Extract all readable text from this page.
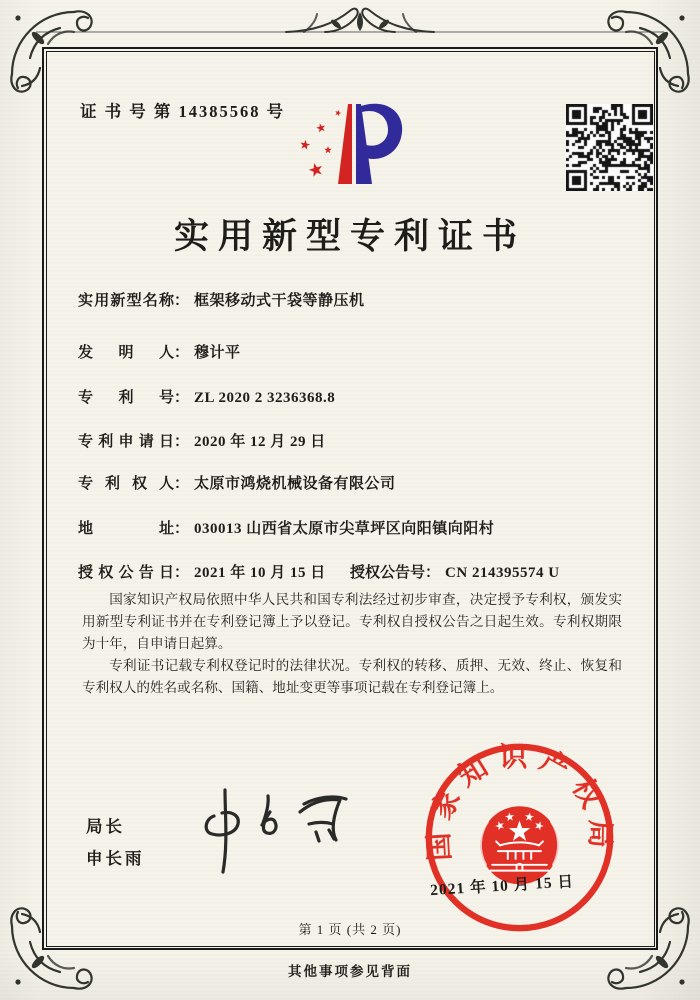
证 书 号 第 14385568 号
实用新型专利证书
实用新型名称： 框架移动式干袋等静压机
发明人： 穆计平
专利号： ZL 2020 2 3236368.8
专利申请日： 2020 年 12 月 29 日
专利权人： 太原市鸿烧机械设备有限公司
地址： 030013 山西省太原市尖草坪区向阳镇向阳村
授权公告日： 2021 年 10 月 15 日 授权公告号： CN 214395574 U

国家知识产权局依照中华人民共和国专利法经过初步审查，决定授予专利权，颁发实用新型专利证书并在专利登记簿上予以登记。专利权自授权公告之日起生效。专利权期限为十年，自申请日起算。

专利证书记载专利权登记时的法律状况。专利权的转移、质押、无效、终止、恢复和专利权人的姓名或名称、国籍、地址变更等事项记载在专利登记簿上。

局长
申长雨	国家知识产权局
2021 年 10 月 15 日
第 1 页 (共 2 页)
其他事项参见背面
